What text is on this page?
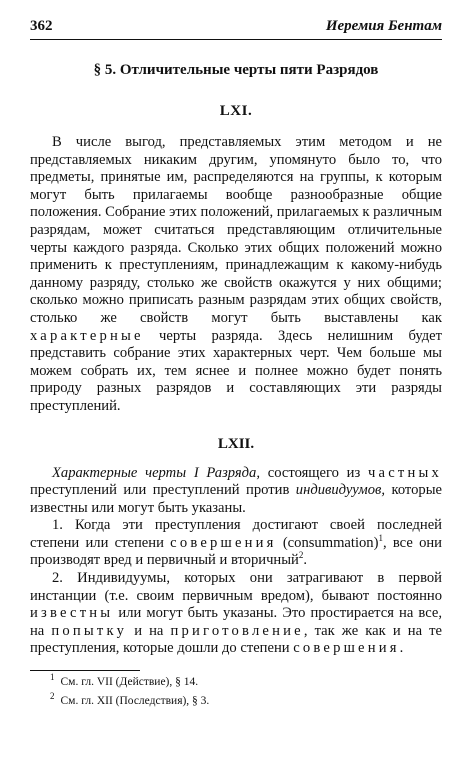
362	Иеремия Бентам
§ 5. Отличительные черты пяти Разрядов
LXI.

В числе выгод, представляемых этим методом и не представляемых никаким другим, упомянуто было то, что предметы, принятые им, распределяются на группы, к которым могут быть прилагаемы вообще разнообразные общие положения. Собрание этих положений, прилагаемых к различным разрядам, может считаться представляющим отличительные черты каждого разряда. Сколько этих общих положений можно применить к преступлениям, принадлежащим к какому-нибудь данному разряду, столько же свойств окажутся у них общими; сколько можно приписать разным разрядам этих общих свойств, столько же свойств могут быть выставлены как характерные черты разряда. Здесь нелишним будет представить собрание этих характерных черт. Чем больше мы можем собрать их, тем яснее и полнее можно будет понять природу разных разрядов и составляющих эти разряды преступлений.

LXII.

Характерные черты I Разряда, состоящего из частных преступлений или преступлений против индивидуумов, которые известны или могут быть указаны.

1. Когда эти преступления достигают своей последней степени или степени совершения (consummation)$^1$, все они производят вред и первичный и вторичный$^2$.

2. Индивидуумы, которых они затрагивают в первой инстанции (т.е. своим первичным вредом), бывают постоянно известны или могут быть указаны. Это простирается на все, на попытку и на приготовление, так же как и на те преступления, которые дошли до степени совершения.

$^1$ См. гл. VII (Действие), § 14.
$^2$ См. гл. XII (Последствия), § 3.
